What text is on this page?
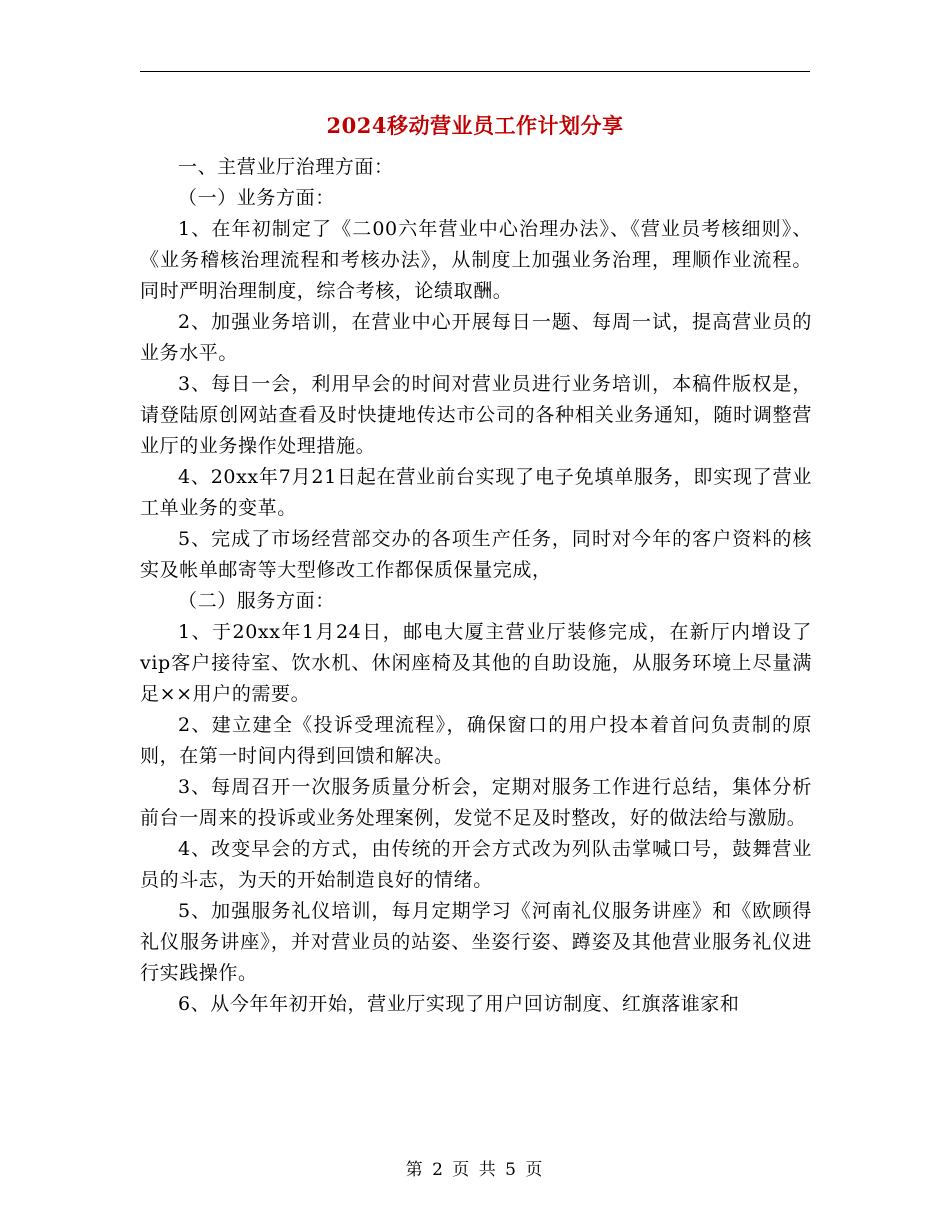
2024移动营业员工作计划分享

一、主营业厅治理方面：

（一）业务方面：

1、在年初制定了《二00六年营业中心治理办法》、《营业员考核细则》、《业务稽核治理流程和考核办法》，从制度上加强业务治理，理顺作业流程。同时严明治理制度，综合考核，论绩取酬。

2、加强业务培训，在营业中心开展每日一题、每周一试，提高营业员的业务水平。

3、每日一会，利用早会的时间对营业员进行业务培训，本稿件版权是，请登陆原创网站查看及时快捷地传达市公司的各种相关业务通知，随时调整营业厅的业务操作处理措施。

4、20xx年7月21日起在营业前台实现了电子免填单服务，即实现了营业工单业务的变革。

5、完成了市场经营部交办的各项生产任务，同时对今年的客户资料的核实及帐单邮寄等大型修改工作都保质保量完成，

（二）服务方面：

1、于20xx年1月24日，邮电大厦主营业厅装修完成，在新厅内增设了vip客户接待室、饮水机、休闲座椅及其他的自助设施，从服务环境上尽量满足××用户的需要。

2、建立建全《投诉受理流程》，确保窗口的用户投本着首问负责制的原则，在第一时间内得到回馈和解决。

3、每周召开一次服务质量分析会，定期对服务工作进行总结，集体分析前台一周来的投诉或业务处理案例，发觉不足及时整改，好的做法给与激励。

4、改变早会的方式，由传统的开会方式改为列队击掌喊口号，鼓舞营业员的斗志，为天的开始制造良好的情绪。

5、加强服务礼仪培训，每月定期学习《河南礼仪服务讲座》和《欧顾得礼仪服务讲座》，并对营业员的站姿、坐姿行姿、蹲姿及其他营业服务礼仪进行实践操作。

6、从今年年初开始，营业厅实现了用户回访制度、红旗落谁家和

第 2 页 共 5 页
